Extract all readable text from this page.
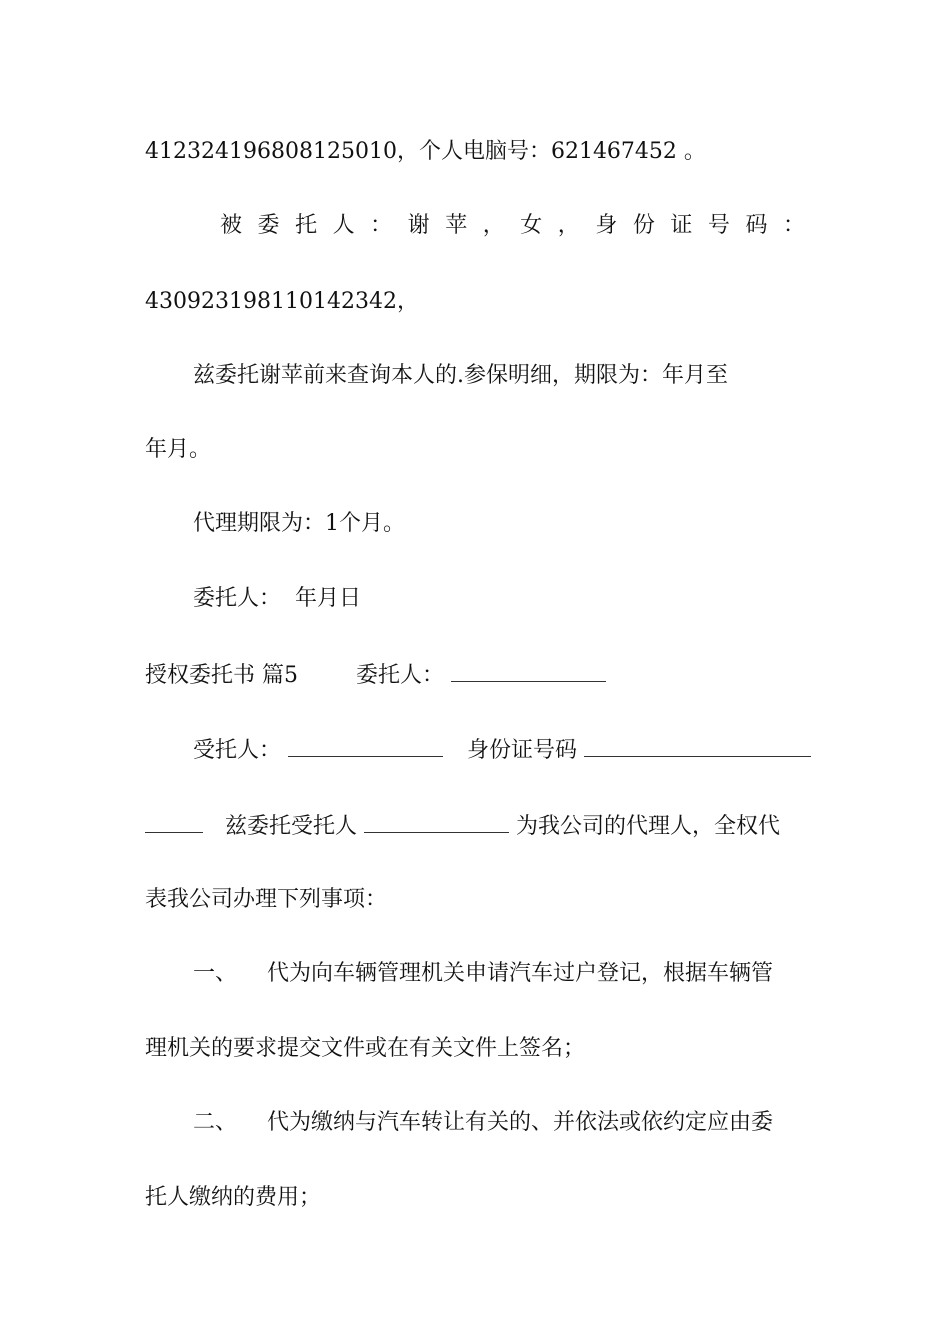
412324196808125010，个人电脑号：621467452 。
被 委 托 人 ： 谢 苹 ， 女 ， 身 份 证 号 码 ：
430923198110142342，
兹委托谢苹前来查询本人的.参保明细，期限为：年月至
年月。
代理期限为：1个月。
委托人：  年月日
授权委托书 篇5	委托人：
受托人：	身份证号码
兹委托受托人	为我公司的代理人，全权代
表我公司办理下列事项：
一、 代为向车辆管理机关申请汽车过户登记，根据车辆管
理机关的要求提交文件或在有关文件上签名；
二、 代为缴纳与汽车转让有关的、并依法或依约定应由委
托人缴纳的费用；
